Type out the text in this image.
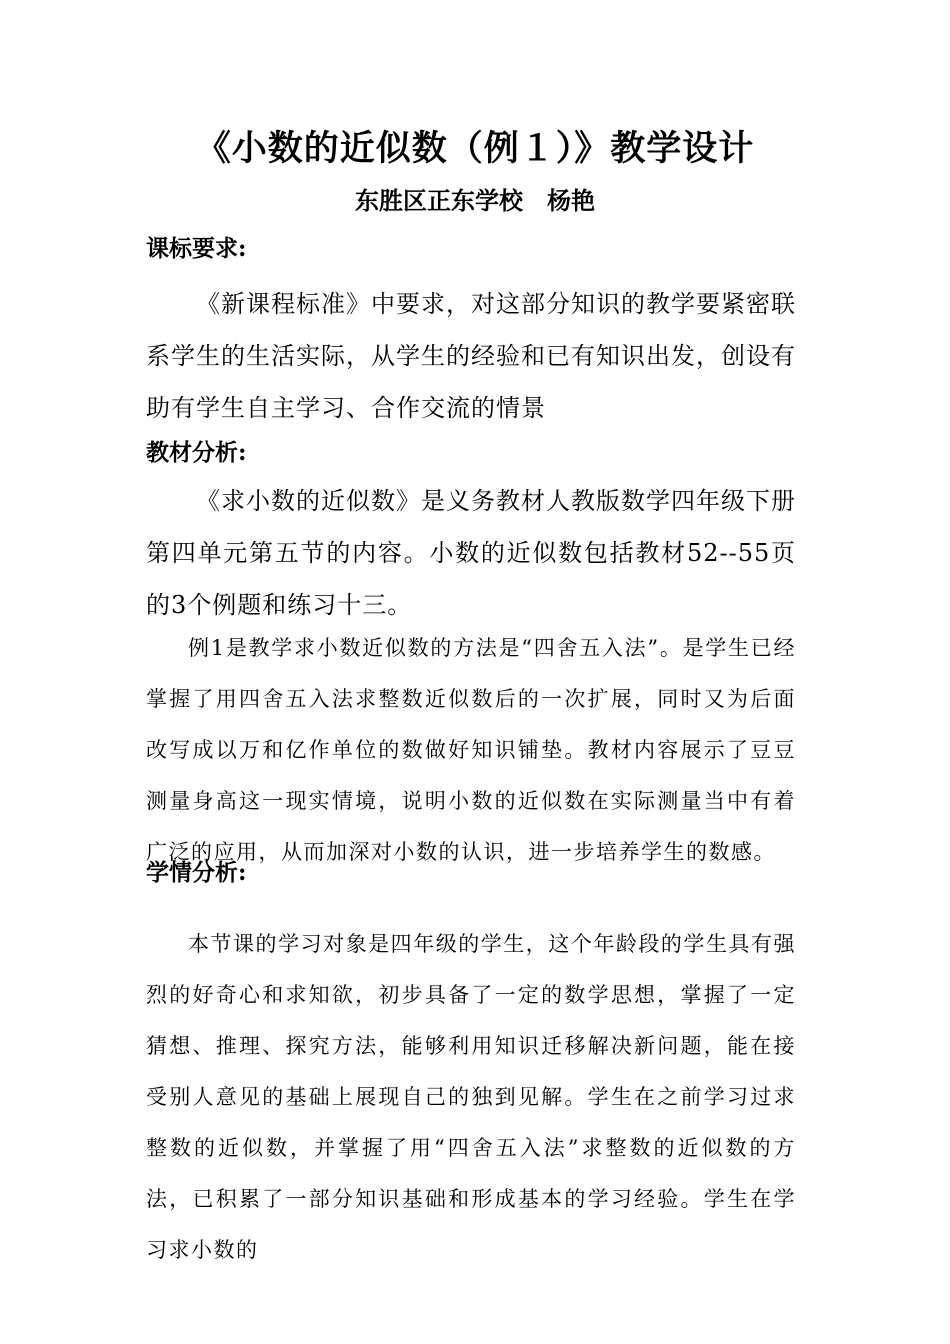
《小数的近似数（例１）》教学设计
东胜区正东学校　杨艳
课标要求:
《新课程标准》中要求，对这部分知识的教学要紧密联系学生的生活实际，从学生的经验和已有知识出发，创设有助有学生自主学习、合作交流的情景
教材分析:
《求小数的近似数》是义务教材人教版数学四年级下册第四单元第五节的内容。小数的近似数包括教材52--55页的3个例题和练习十三。
例1是教学求小数近似数的方法是“四舍五入法”。是学生已经掌握了用四舍五入法求整数近似数后的一次扩展，同时又为后面改写成以万和亿作单位的数做好知识铺垫。教材内容展示了豆豆测量身高这一现实情境，说明小数的近似数在实际测量当中有着广泛的应用，从而加深对小数的认识，进一步培养学生的数感。
学情分析:
本节课的学习对象是四年级的学生，这个年龄段的学生具有强烈的好奇心和求知欲，初步具备了一定的数学思想，掌握了一定猜想、推理、探究方法，能够利用知识迁移解决新问题，能在接受别人意见的基础上展现自己的独到见解。学生在之前学习过求整数的近似数，并掌握了用“四舍五入法”求整数的近似数的方法，已积累了一部分知识基础和形成基本的学习经验。学生在学习求小数的
